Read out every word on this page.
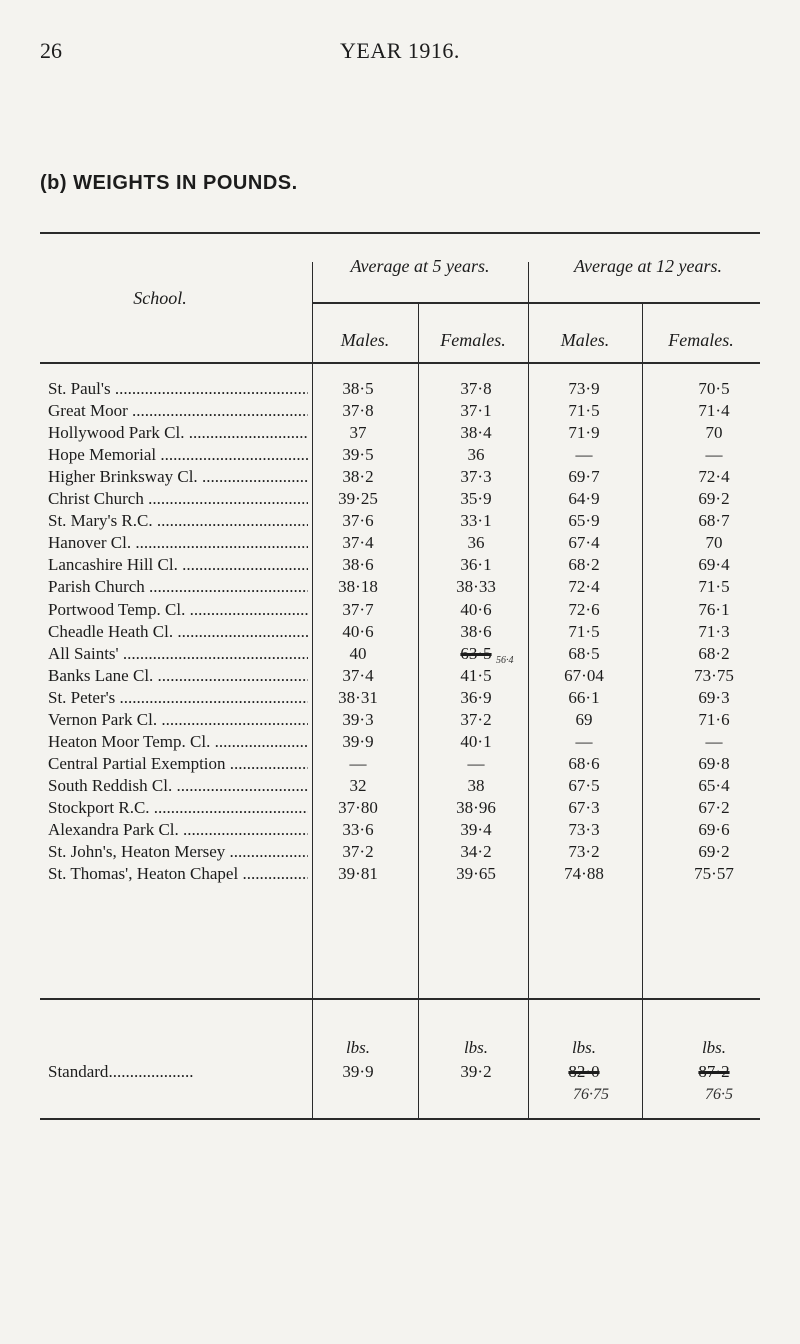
26	YEAR 1916.
(b) WEIGHTS IN POUNDS.
School.
Average at 5 years.	Average at 12 years.
Males.	Females.	Males.	Females.
St. Paul's .....	38·5	37·8	73·9	70·5
Great Moor .....	37·8	37·1	71·5	71·4
Hollywood Park Cl. .....	37	38·4	71·9	70
Hope Memorial .....	39·5	36	—	—
Higher Brinksway Cl. .....	38·2	37·3	69·7	72·4
Christ Church .....	39·25	35·9	64·9	69·2
St. Mary's R.C. .....	37·6	33·1	65·9	68·7
Hanover Cl. .....	37·4	36	67·4	70
Lancashire Hill Cl. .....	38·6	36·1	68·2	69·4
Parish Church .....	38·18	38·33	72·4	71·5
Portwood Temp. Cl. .....	37·7	40·6	72·6	76·1
Cheadle Heath Cl. .....	40·6	38·6	71·5	71·3
All Saints' .....	40	63·5	68·5	68·2
Banks Lane Cl. .....	37·4	41·5	67·04	73·75
St. Peter's .....	38·31	36·9	66·1	69·3
Vernon Park Cl. .....	39·3	37·2	69	71·6
Heaton Moor Temp. Cl. .....	39·9	40·1	—	—
Central Partial Exemption .....	—	—	68·6	69·8
South Reddish Cl. .....	32	38	67·5	65·4
Stockport R.C. .....	37·80	38·96	67·3	67·2
Alexandra Park Cl. .....	33·6	39·4	73·3	69·6
St. John's, Heaton Mersey .....	37·2	34·2	73·2	69·2
St. Thomas', Heaton Chapel .....	39·81	39·65	74·88	75·57
56·4
lbs.	lbs.	lbs.	lbs.
Standard....................	39·9	39·2	82·0	87·2
76·75	76·5
